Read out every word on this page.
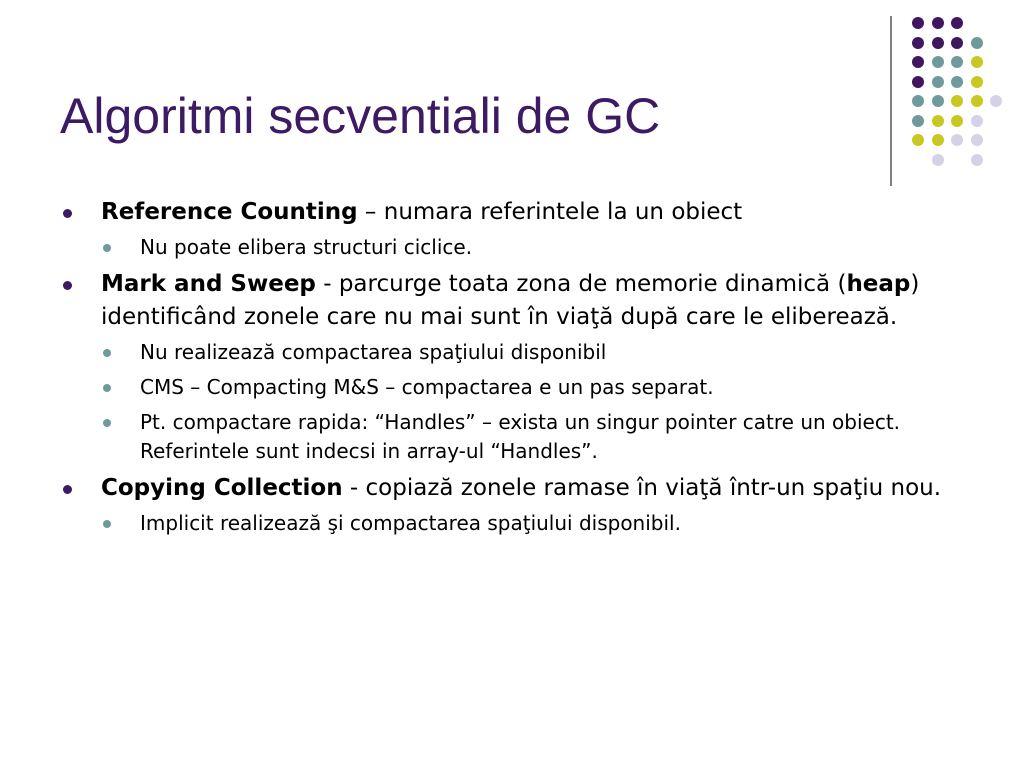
Algoritmi secventiali de GC

Reference Counting – numara referintele la un obiect

Nu poate elibera structuri ciclice.

Mark and Sweep - parcurge toata zona de memorie dinamică (heap) identificând zonele care nu mai sunt în viaţă după care le eliberează.

Nu realizează compactarea spaţiului disponibil

CMS – Compacting M&S – compactarea e un pas separat.

Pt. compactare rapida: “Handles” – exista un singur pointer catre un obiect. Referintele sunt indecsi in array-ul “Handles”.

Copying Collection - copiază zonele ramase în viaţă într-un spaţiu nou.

Implicit realizează şi compactarea spaţiului disponibil.
